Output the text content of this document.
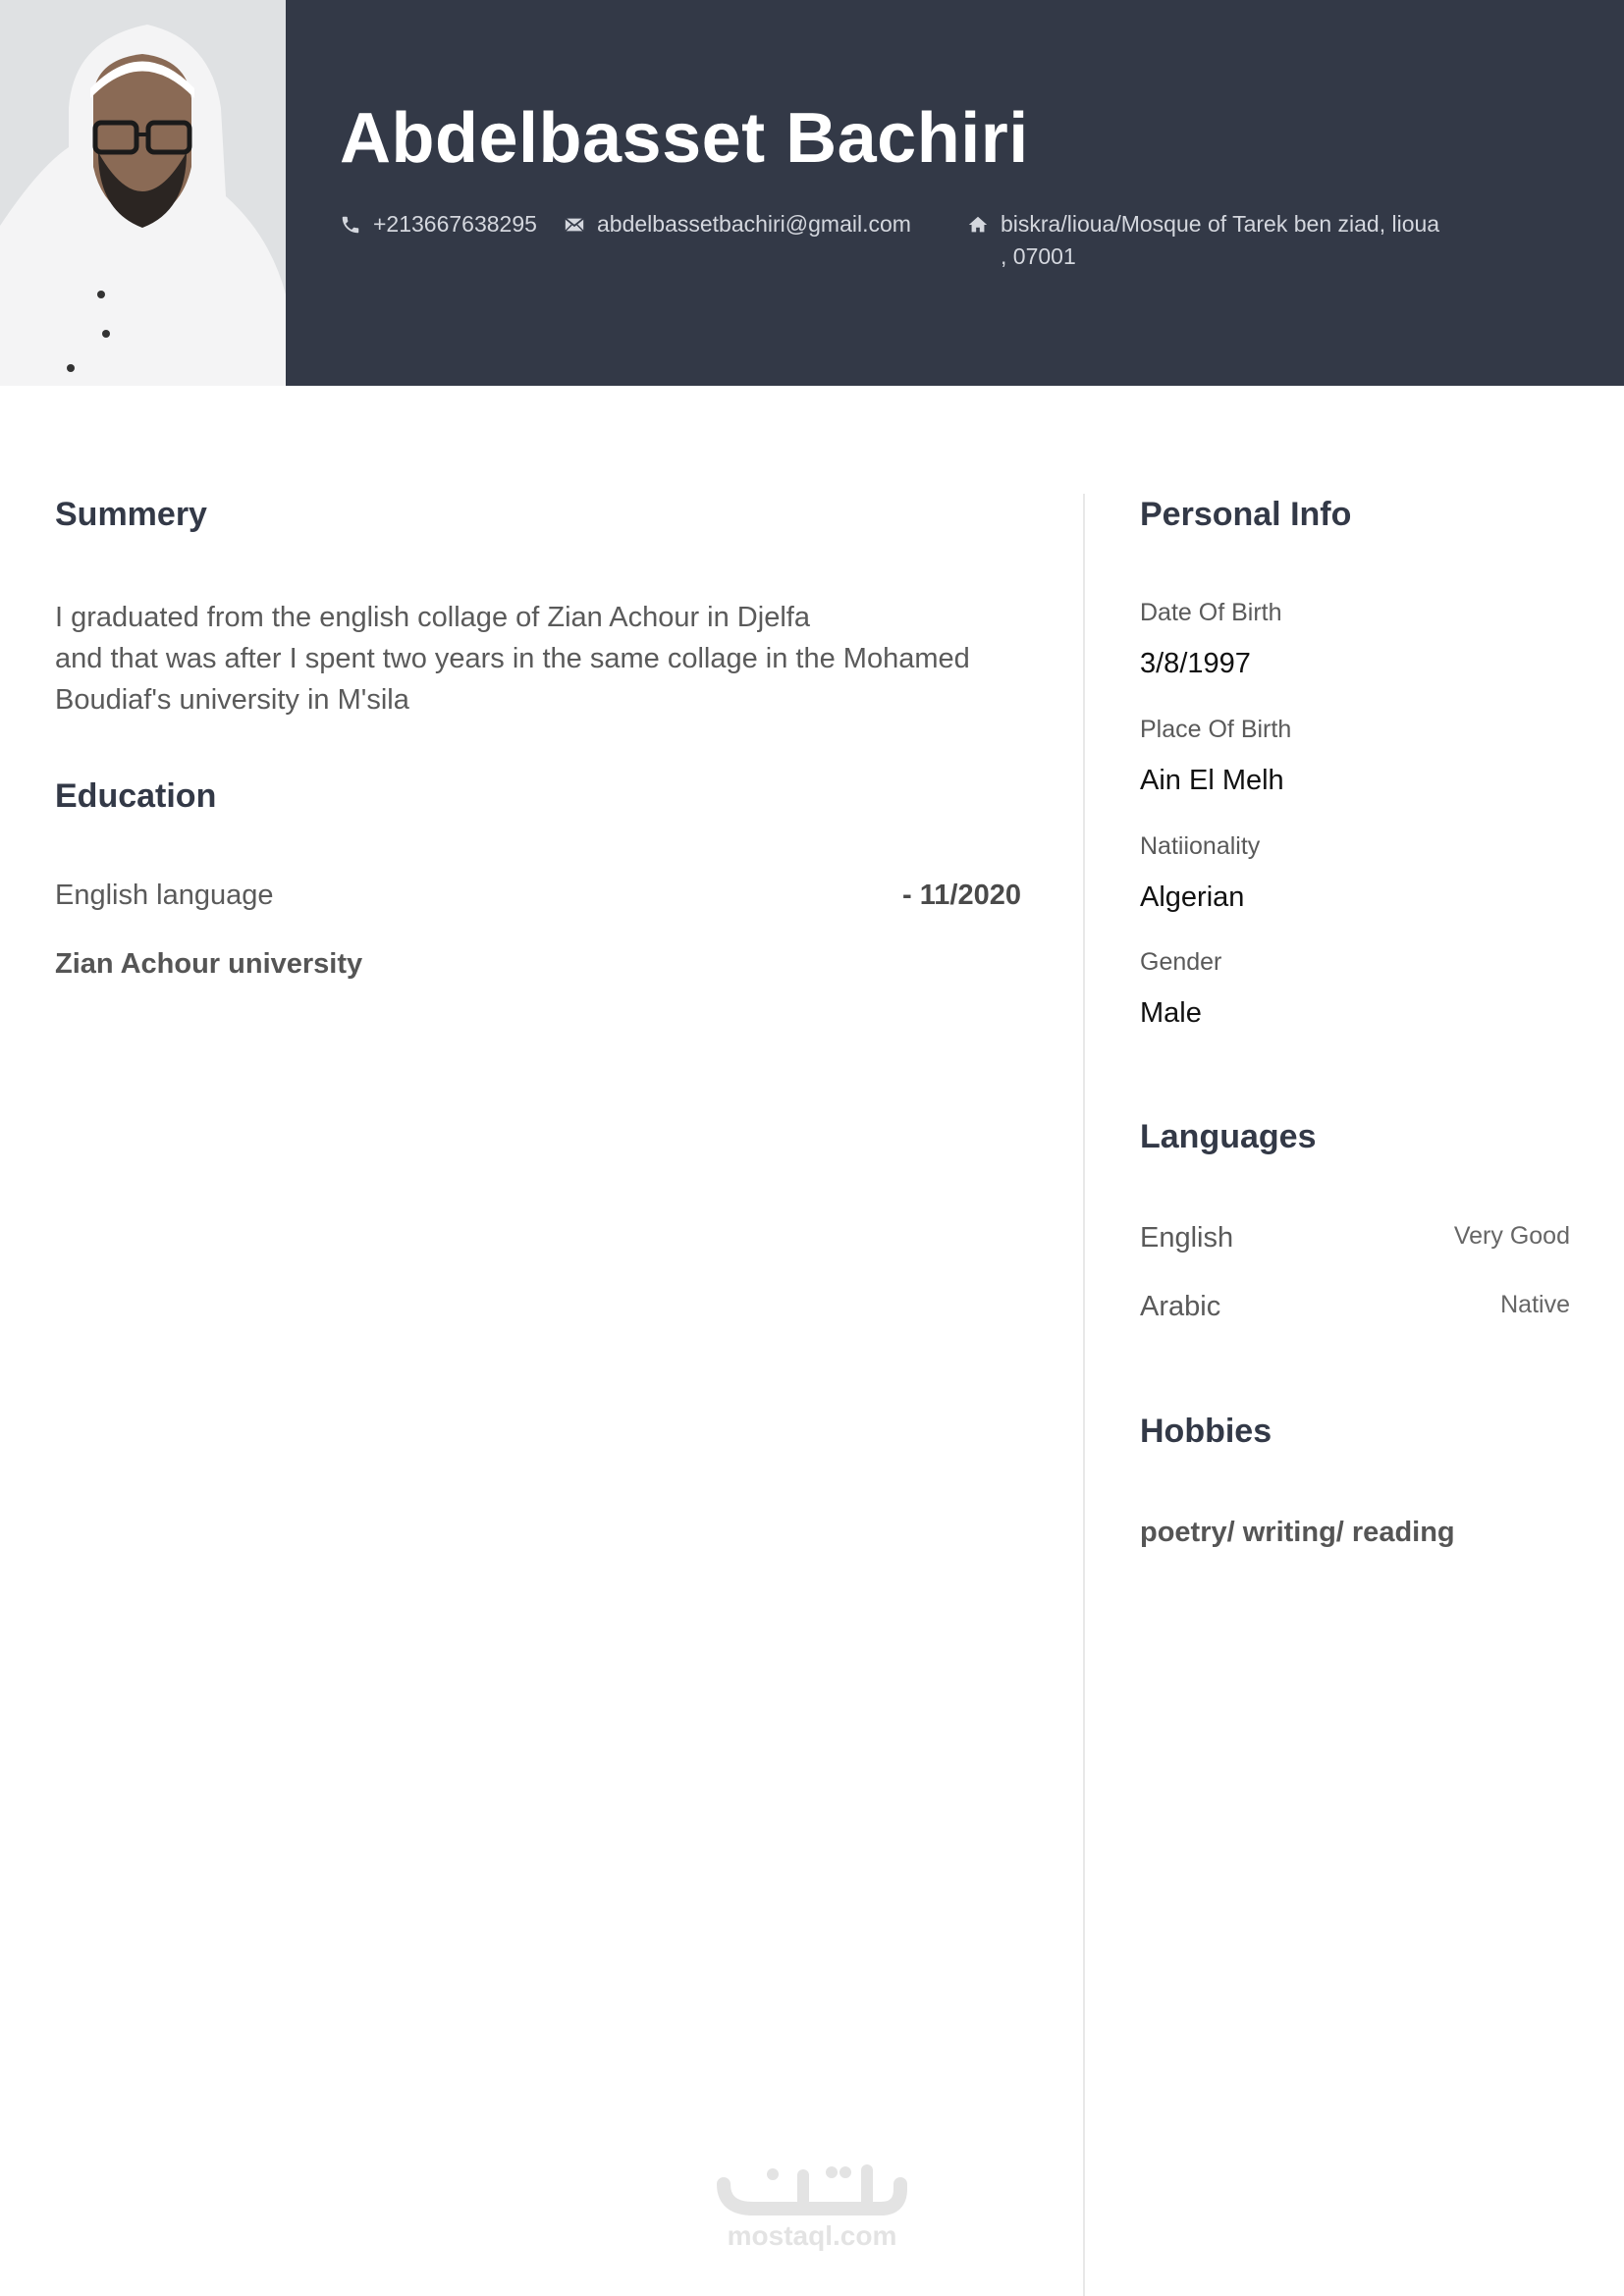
Abdelbasset Bachiri
+213667638295	abdelbassetbachiri@gmail.com	biskra/lioua/Mosque of Tarek ben ziad, lioua
, 07001
Summery
I graduated from the english collage of Zian Achour in Djelfa
and that was after I spent two years in the same collage in the Mohamed
Boudiaf's university in M'sila
Education
English language	- 11/2020
Zian Achour university
Personal Info
Date Of Birth
3/8/1997
Place Of Birth
Ain El Melh
Natiionality
Algerian
Gender
Male
Languages
English	Very Good
Arabic	Native
Hobbies
poetry/ writing/ reading
mostaql.com
